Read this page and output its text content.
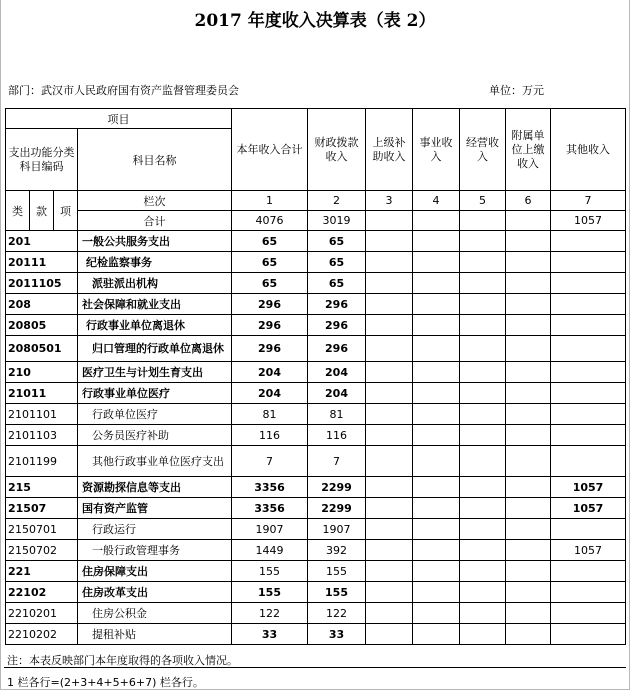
2017 年度收入决算表（表 2）
部门：武汉市人民政府国有资产监督管理委员会	单位：万元
项目				本年收入合计	财政拨款收入	上级补助收入	事业收入	经营收入	附属单位上缴收入	其他收入
支出功能分类科目编码			科目名称							
类	款	项	栏次	1	2	3	4	5	6	7
			合计	4076	3019					1057
201			一般公共服务支出	65	65					
20111			纪检监察事务	65	65					
2011105			派驻派出机构	65	65					
208			社会保障和就业支出	296	296					
20805			行政事业单位离退休	296	296					
2080501			归口管理的行政单位离退休	296	296					
210			医疗卫生与计划生育支出	204	204					
21011			行政事业单位医疗	204	204					
2101101			行政单位医疗	81	81					
2101103			公务员医疗补助	116	116					
2101199			其他行政事业单位医疗支出	7	7					
215			资源勘探信息等支出	3356	2299					1057
21507			国有资产监管	3356	2299					1057
2150701			行政运行	1907	1907					
2150702			一般行政管理事务	1449	392					1057
221			住房保障支出	155	155					
22102			住房改革支出	155	155					
2210201			住房公积金	122	122					
2210202			提租补贴	33	33					
注：本表反映部门本年度取得的各项收入情况。
1 栏各行=(2+3+4+5+6+7) 栏各行。
